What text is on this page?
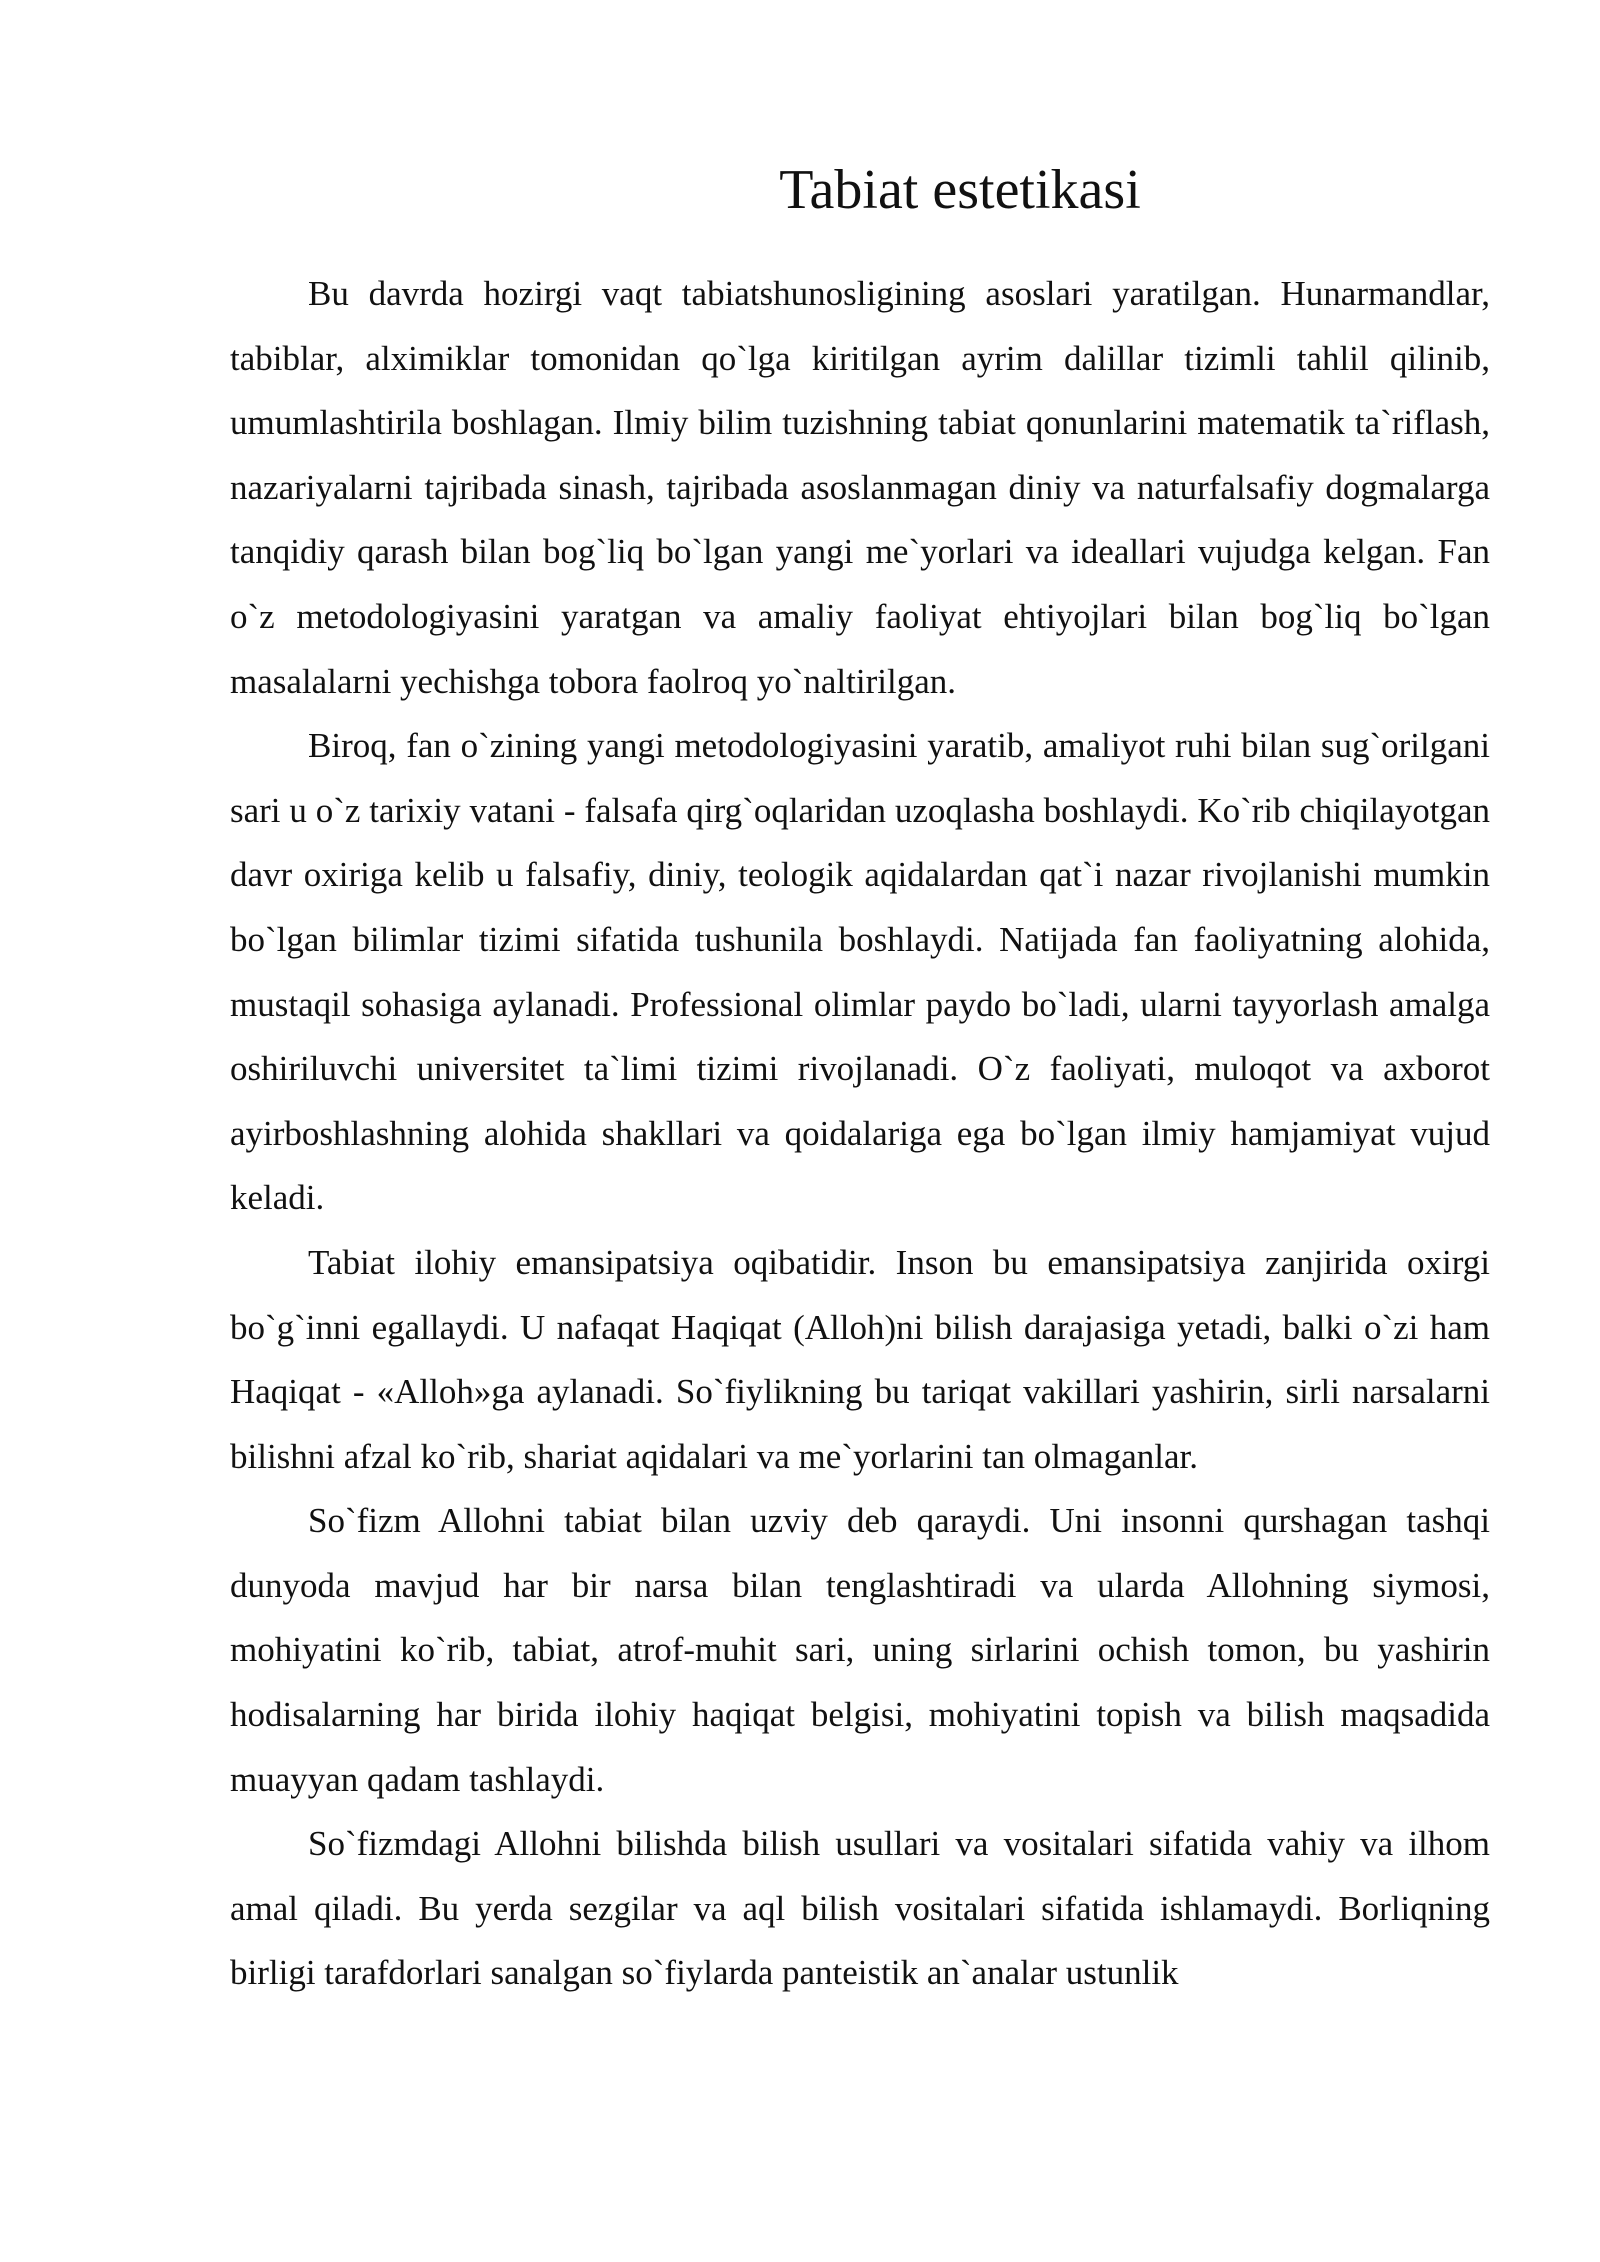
Tabiat estetikasi

Bu davrda hozirgi vaqt tabiatshunosligining asoslari yaratilgan. Hunarmandlar, tabiblar, alximiklar tomonidan qo`lga kiritilgan ayrim dalillar tizimli tahlil qilinib, umumlashtirila boshlagan. Ilmiy bilim tuzishning tabiat qonunlarini matematik ta`riflash, nazariyalarni tajribada sinash, tajribada asoslanmagan diniy va naturfalsafiy dogmalarga tanqidiy qarash bilan bog`liq bo`lgan yangi me`yorlari va ideallari vujudga kelgan. Fan o`z metodologiyasini yaratgan va amaliy faoliyat ehtiyojlari bilan bog`liq bo`lgan masalalarni yechishga tobora faolroq yo`naltirilgan.

Biroq, fan o`zining yangi metodologiyasini yaratib, amaliyot ruhi bilan sug`orilgani sari u o`z tarixiy vatani - falsafa qirg`oqlaridan uzoqlasha boshlaydi. Ko`rib chiqilayotgan davr oxiriga kelib u falsafiy, diniy, teologik aqidalardan qat`i nazar rivojlanishi mumkin bo`lgan bilimlar tizimi sifatida tushunila boshlaydi. Natijada fan faoliyatning alohida, mustaqil sohasiga aylanadi. Professional olimlar paydo bo`ladi, ularni tayyorlash amalga oshiriluvchi universitet ta`limi tizimi rivojlanadi. O`z faoliyati, muloqot va axborot ayirboshlashning alohida shakllari va qoidalariga ega bo`lgan ilmiy hamjamiyat vujud keladi.

Tabiat ilohiy emansipatsiya oqibatidir. Inson bu emansipatsiya zanjirida oxirgi bo`g`inni egallaydi. U nafaqat Haqiqat (Alloh)ni bilish darajasiga yetadi, balki o`zi ham Haqiqat - «Alloh»ga aylanadi. So`fiylikning bu tariqat vakillari yashirin, sirli narsalarni bilishni afzal ko`rib, shariat aqidalari va me`yorlarini tan olmaganlar.

So`fizm Allohni tabiat bilan uzviy deb qaraydi. Uni insonni qurshagan tashqi dunyoda mavjud har bir narsa bilan tenglashtiradi va ularda Allohning siymosi, mohiyatini ko`rib, tabiat, atrof-muhit sari, uning sirlarini ochish tomon, bu yashirin hodisalarning har birida ilohiy haqiqat belgisi, mohiyatini topish va bilish maqsadida muayyan qadam tashlaydi.

So`fizmdagi Allohni bilishda bilish usullari va vositalari sifatida vahiy va ilhom amal qiladi. Bu yerda sezgilar va aql bilish vositalari sifatida ishlamaydi. Borliqning birligi tarafdorlari sanalgan so`fiylarda panteistik an`analar ustunlik
